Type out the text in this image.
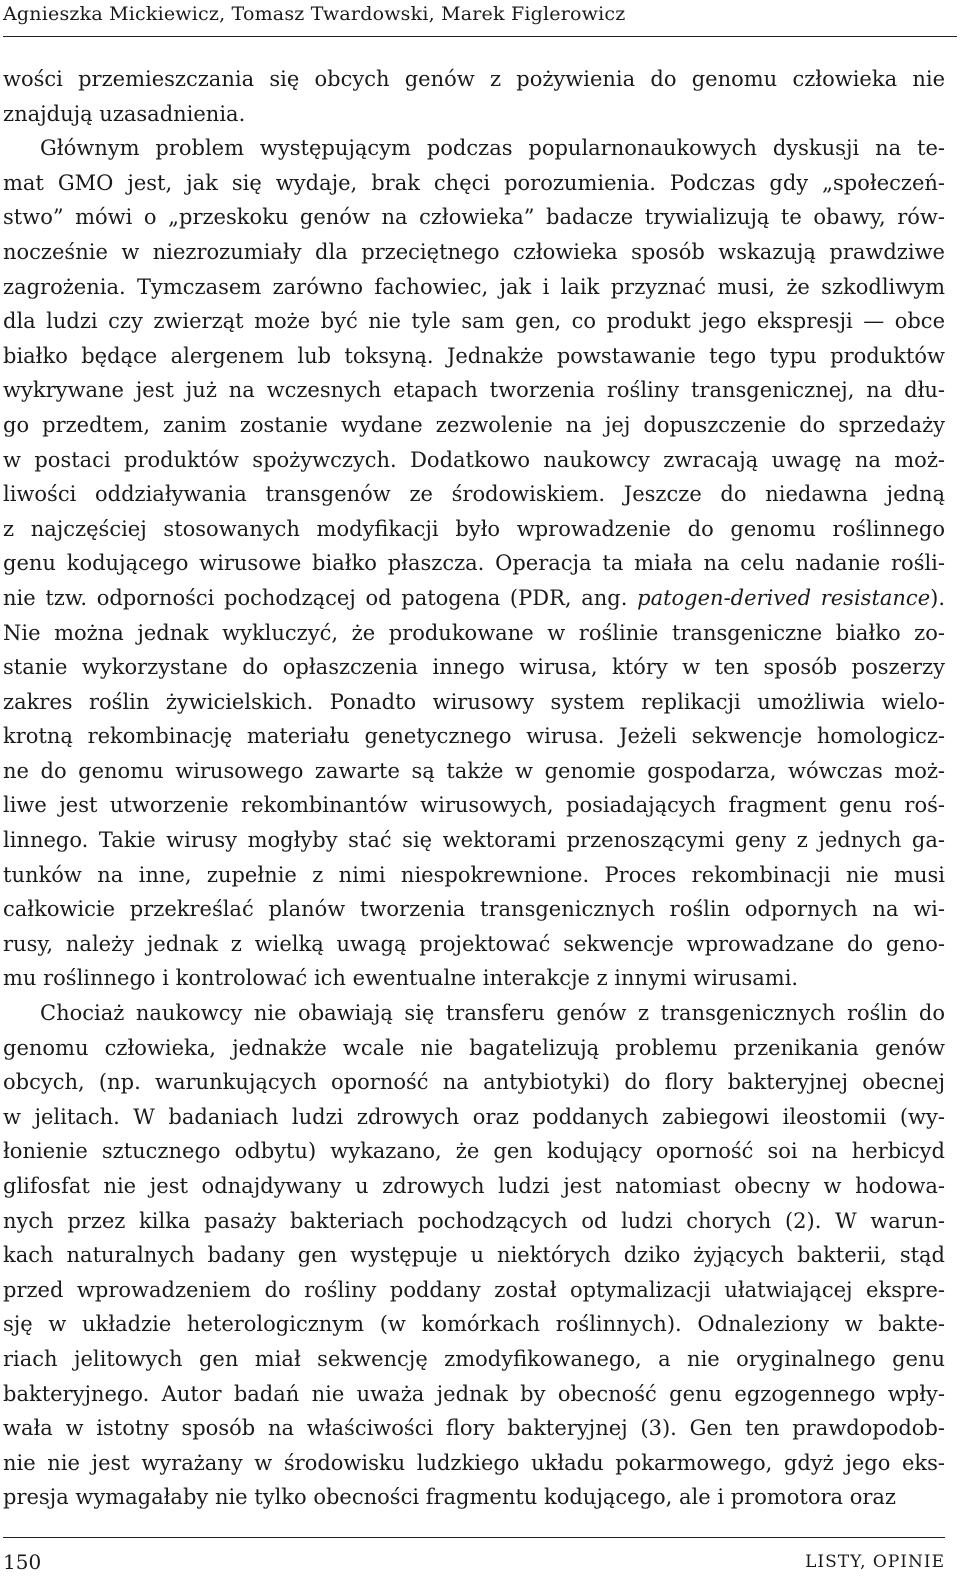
Agnieszka Mickiewicz, Tomasz Twardowski, Marek Figlerowicz
wości przemieszczania się obcych genów z pożywienia do genomu człowieka nie
znajdują uzasadnienia.
Głównym problem występującym podczas popularnonaukowych dyskusji na te-
mat GMO jest, jak się wydaje, brak chęci porozumienia. Podczas gdy „społeczeń-
stwo” mówi o „przeskoku genów na człowieka” badacze trywializują te obawy, rów-
nocześnie w niezrozumiały dla przeciętnego człowieka sposób wskazują prawdziwe
zagrożenia. Tymczasem zarówno fachowiec, jak i laik przyznać musi, że szkodliwym
dla ludzi czy zwierząt może być nie tyle sam gen, co produkt jego ekspresji — obce
białko będące alergenem lub toksyną. Jednakże powstawanie tego typu produktów
wykrywane jest już na wczesnych etapach tworzenia rośliny transgenicznej, na dłu-
go przedtem, zanim zostanie wydane zezwolenie na jej dopuszczenie do sprzedaży
w postaci produktów spożywczych. Dodatkowo naukowcy zwracają uwagę na moż-
liwości oddziaływania transgenów ze środowiskiem. Jeszcze do niedawna jedną
z najczęściej stosowanych modyfikacji było wprowadzenie do genomu roślinnego
genu kodującego wirusowe białko płaszcza. Operacja ta miała na celu nadanie rośli-
nie tzw. odporności pochodzącej od patogena (PDR, ang. patogen-derived resistance).
Nie można jednak wykluczyć, że produkowane w roślinie transgeniczne białko zo-
stanie wykorzystane do opłaszczenia innego wirusa, który w ten sposób poszerzy
zakres roślin żywicielskich. Ponadto wirusowy system replikacji umożliwia wielo-
krotną rekombinację materiału genetycznego wirusa. Jeżeli sekwencje homologicz-
ne do genomu wirusowego zawarte są także w genomie gospodarza, wówczas moż-
liwe jest utworzenie rekombinantów wirusowych, posiadających fragment genu roś-
linnego. Takie wirusy mogłyby stać się wektorami przenoszącymi geny z jednych ga-
tunków na inne, zupełnie z nimi niespokrewnione. Proces rekombinacji nie musi
całkowicie przekreślać planów tworzenia transgenicznych roślin odpornych na wi-
rusy, należy jednak z wielką uwagą projektować sekwencje wprowadzane do geno-
mu roślinnego i kontrolować ich ewentualne interakcje z innymi wirusami.
Chociaż naukowcy nie obawiają się transferu genów z transgenicznych roślin do
genomu człowieka, jednakże wcale nie bagatelizują problemu przenikania genów
obcych, (np. warunkujących oporność na antybiotyki) do flory bakteryjnej obecnej
w jelitach. W badaniach ludzi zdrowych oraz poddanych zabiegowi ileostomii (wy-
łonienie sztucznego odbytu) wykazano, że gen kodujący oporność soi na herbicyd
glifosfat nie jest odnajdywany u zdrowych ludzi jest natomiast obecny w hodowa-
nych przez kilka pasaży bakteriach pochodzących od ludzi chorych (2). W warun-
kach naturalnych badany gen występuje u niektórych dziko żyjących bakterii, stąd
przed wprowadzeniem do rośliny poddany został optymalizacji ułatwiającej ekspre-
sję w układzie heterologicznym (w komórkach roślinnych). Odnaleziony w bakte-
riach jelitowych gen miał sekwencję zmodyfikowanego, a nie oryginalnego genu
bakteryjnego. Autor badań nie uważa jednak by obecność genu egzogennego wpły-
wała w istotny sposób na właściwości flory bakteryjnej (3). Gen ten prawdopodob-
nie nie jest wyrażany w środowisku ludzkiego układu pokarmowego, gdyż jego eks-
presja wymagałaby nie tylko obecności fragmentu kodującego, ale i promotora oraz
150	LISTY, OPINIE
